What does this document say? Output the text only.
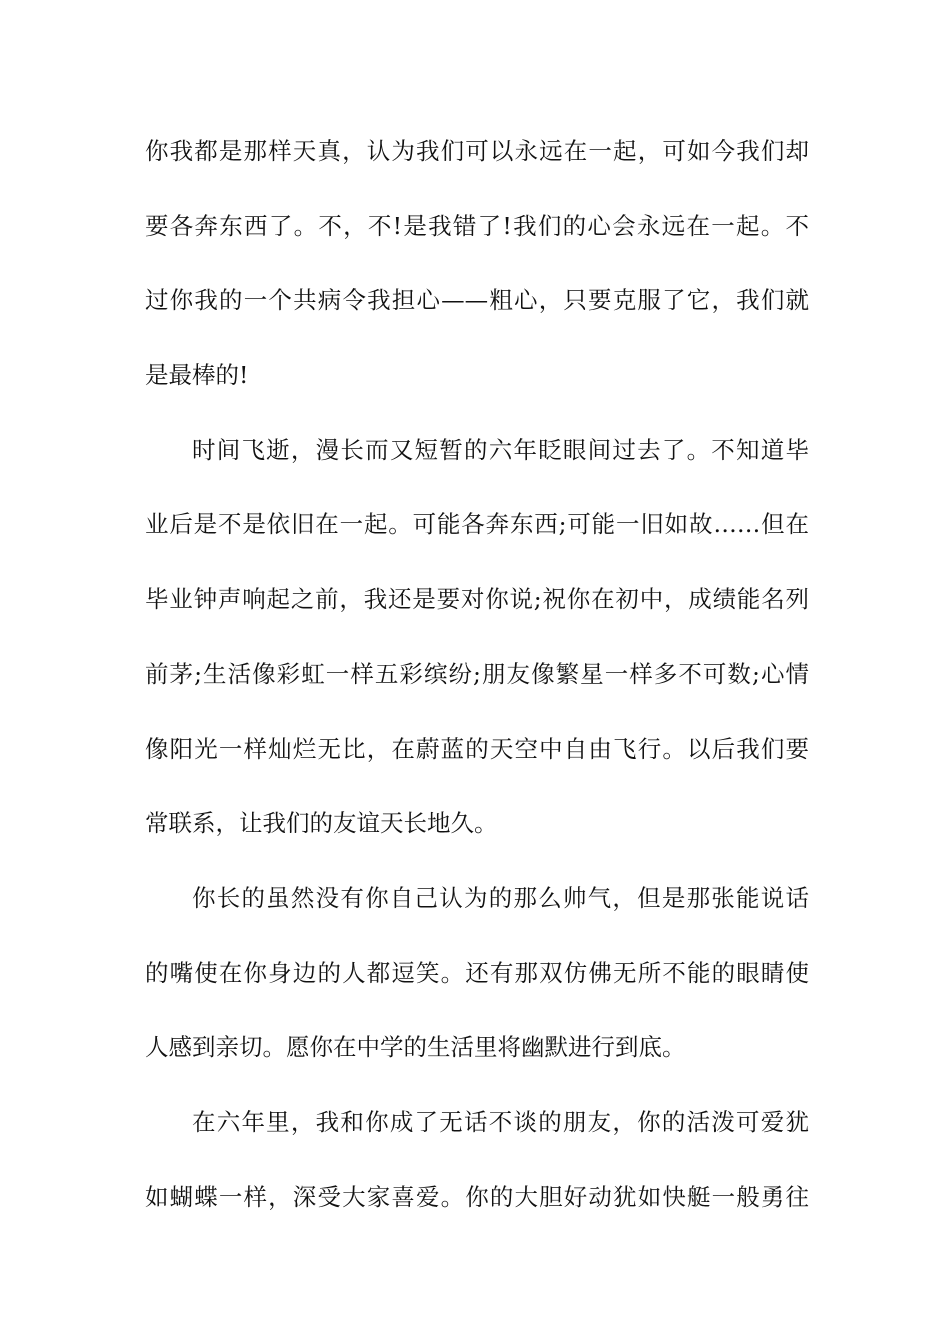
你我都是那样天真，认为我们可以永远在一起，可如今我们却
要各奔东西了。不，不!是我错了!我们的心会永远在一起。不
过你我的一个共病令我担心——粗心，只要克服了它，我们就
是最棒的!
时间飞逝，漫长而又短暂的六年眨眼间过去了。不知道毕
业后是不是依旧在一起。可能各奔东西;可能一旧如故……但在
毕业钟声响起之前，我还是要对你说;祝你在初中，成绩能名列
前茅;生活像彩虹一样五彩缤纷;朋友像繁星一样多不可数;心情
像阳光一样灿烂无比，在蔚蓝的天空中自由飞行。以后我们要
常联系，让我们的友谊天长地久。
你长的虽然没有你自己认为的那么帅气，但是那张能说话
的嘴使在你身边的人都逗笑。还有那双仿佛无所不能的眼睛使
人感到亲切。愿你在中学的生活里将幽默进行到底。
在六年里，我和你成了无话不谈的朋友，你的活泼可爱犹
如蝴蝶一样，深受大家喜爱。你的大胆好动犹如快艇一般勇往
